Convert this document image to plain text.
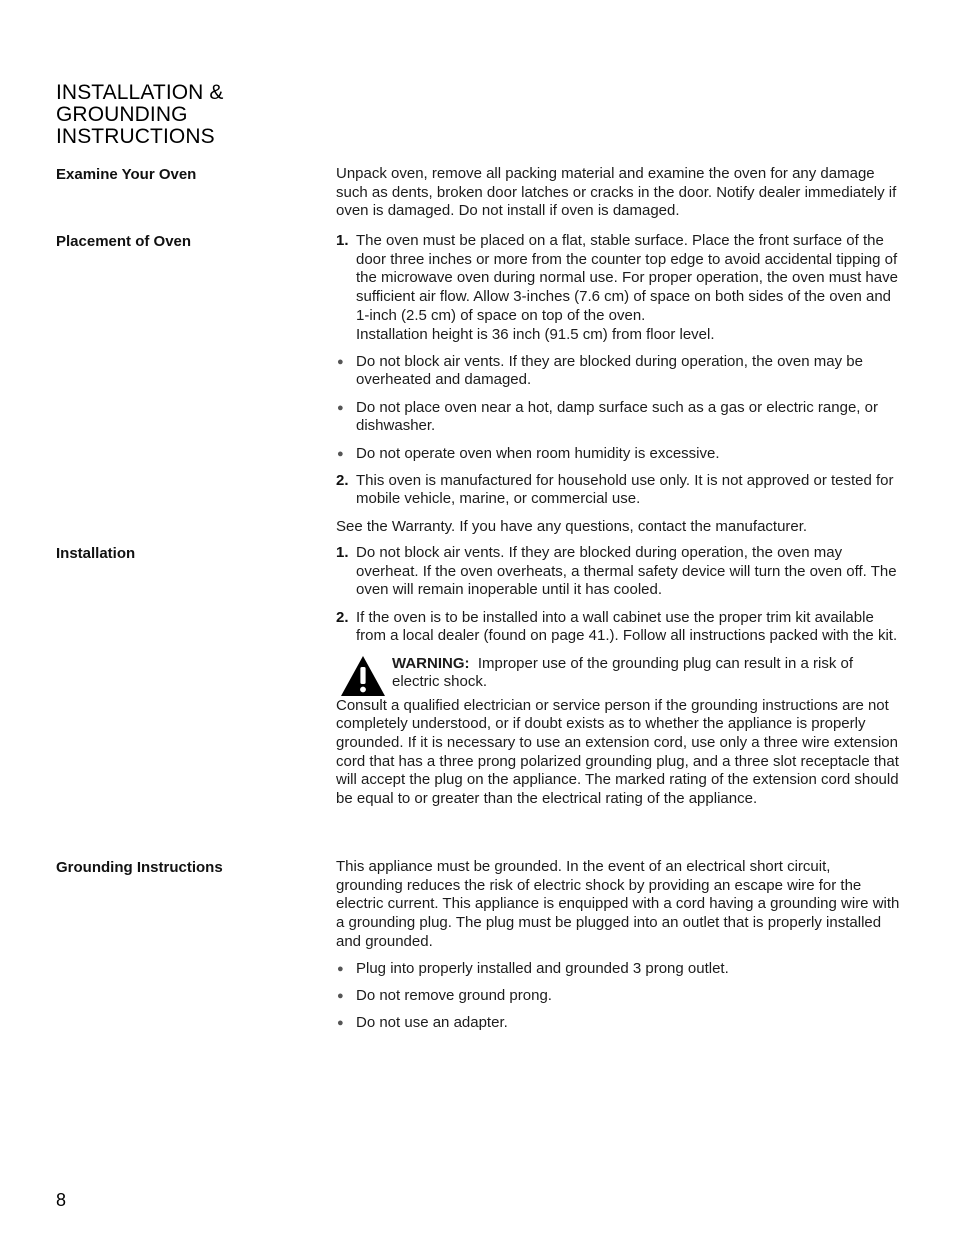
INSTALLATION &
GROUNDING
INSTRUCTIONS
Examine Your Oven	Unpack oven, remove all packing material and examine the oven for any damage such as dents, broken door latches or cracks in the door. Notify dealer immediately if oven is damaged. Do not install if oven is damaged.

Placement of Oven	1. The oven must be placed on a flat, stable surface. Place the front surface of the door three inches or more from the counter top edge to avoid accidental tipping of the microwave oven during normal use. For proper operation, the oven must have sufficient air flow. Allow 3-inches (7.6 cm) of space on both sides of the oven and 1-inch (2.5 cm) of space on top of the oven.

Installation height is 36 inch (91.5 cm) from floor level.

● Do not block air vents. If they are blocked during operation, the oven may be overheated and damaged.

● Do not place oven near a hot, damp surface such as a gas or electric range, or dishwasher.

● Do not operate oven when room humidity is excessive.

2. This oven is manufactured for household use only. It is not approved or tested for mobile vehicle, marine, or commercial use.

See the Warranty. If you have any questions, contact the manufacturer.

Installation	1. Do not block air vents. If they are blocked during operation, the oven may overheat. If the oven overheats, a thermal safety device will turn the oven off. The oven will remain inoperable until it has cooled.

2. If the oven is to be installed into a wall cabinet use the proper trim kit available from a local dealer (found on page 41.). Follow all instructions packed with the kit.

WARNING: Improper use of the grounding plug can result in a risk of electric shock.

Consult a qualified electrician or service person if the grounding instructions are not completely understood, or if doubt exists as to whether the appliance is properly grounded. If it is necessary to use an extension cord, use only a three wire extension cord that has a three prong polarized grounding plug, and a three slot receptacle that will accept the plug on the appliance. The marked rating of the extension cord should be equal to or greater than the electrical rating of the appliance.

Grounding Instructions	This appliance must be grounded. In the event of an electrical short circuit, grounding reduces the risk of electric shock by providing an escape wire for the electric current. This appliance is enquipped with a cord having a grounding wire with a grounding plug. The plug must be plugged into an outlet that is properly installed and grounded.

● Plug into properly installed and grounded 3 prong outlet.

● Do not remove ground prong.

● Do not use an adapter.

8
